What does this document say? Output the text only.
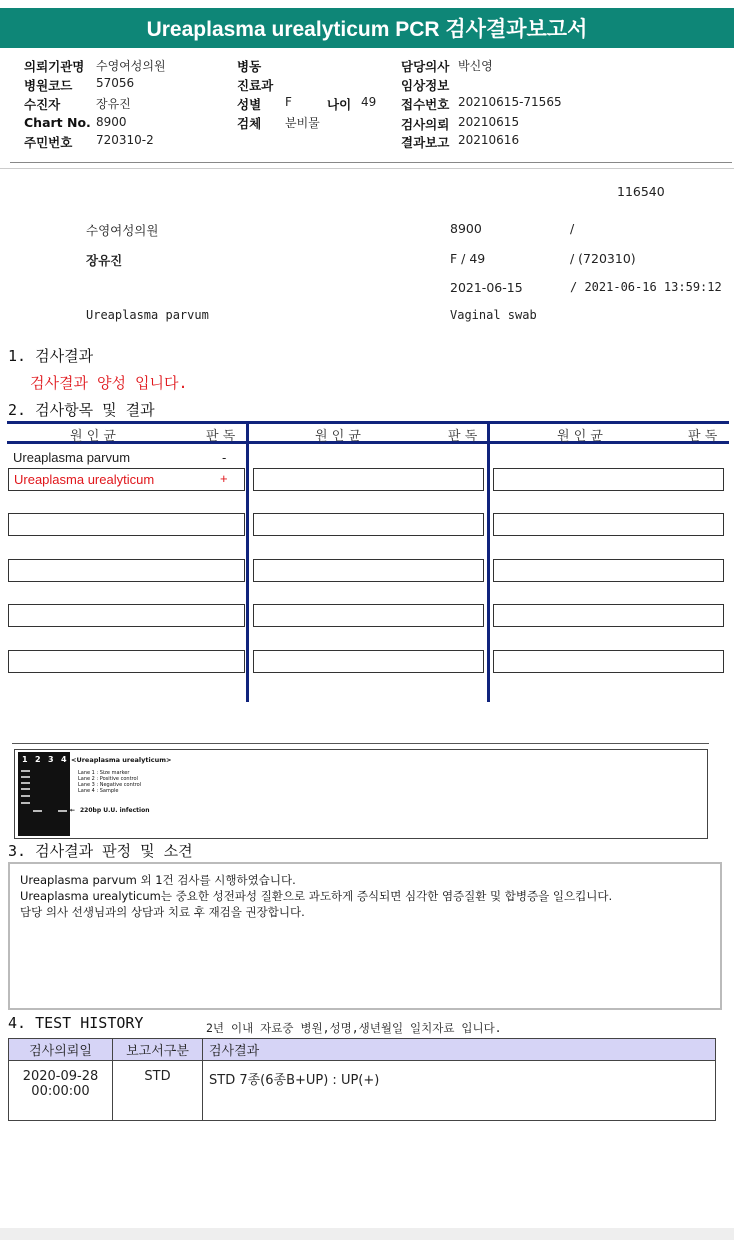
Ureaplasma urealyticum PCR 검사결과보고서
의뢰기관명 수영여성의원
병원코드 57056
수진자	장유진
Chart No. 8900
주민번호 720310-2
병동
진료과
성별 F	나이 49
검체 분비물
담당의사 박신영
임상정보
접수번호 20210615-71565
검사의뢰 20210615
결과보고 20210616
116540
수영여성의원	8900	/
장유진	F / 49	/ (720310)
2021-06-15	/ 2021-06-16 13:59:12
Ureaplasma parvum	Vaginal swab
1. 검사결과
검사결과 양성 입니다.
2. 검사항목 및 결과
원 인 균	판 독	원 인 균	판 독	원 인 균	판 독
Ureaplasma parvum	-
Ureaplasma urealyticum	+
1 2 3 4 <Ureaplasma urealyticum>
Lane 1 : Size marker
Lane 2 : Positive control
Lane 3 : Negative control
Lane 4 : Sample
← 220bp U.U. infection
3. 검사결과 판정 및 소견

Ureaplasma parvum 외 1건 검사를 시행하였습니다.

Ureaplasma urealyticum는 중요한 성전파성 질환으로 과도하게 증식되면 심각한 염증질환 및 합병증을 일으킵니다.

담당 의사 선생님과의 상담과 치료 후 재검을 권장합니다.

4. TEST HISTORY	2년 이내 자료중 병원,성명,생년월일 일치자료 입니다.
검사의뢰일	보고서구분	검사결과

2020-09-28
00:00:00	STD	STD 7종(6종B+UP) : UP(+)
